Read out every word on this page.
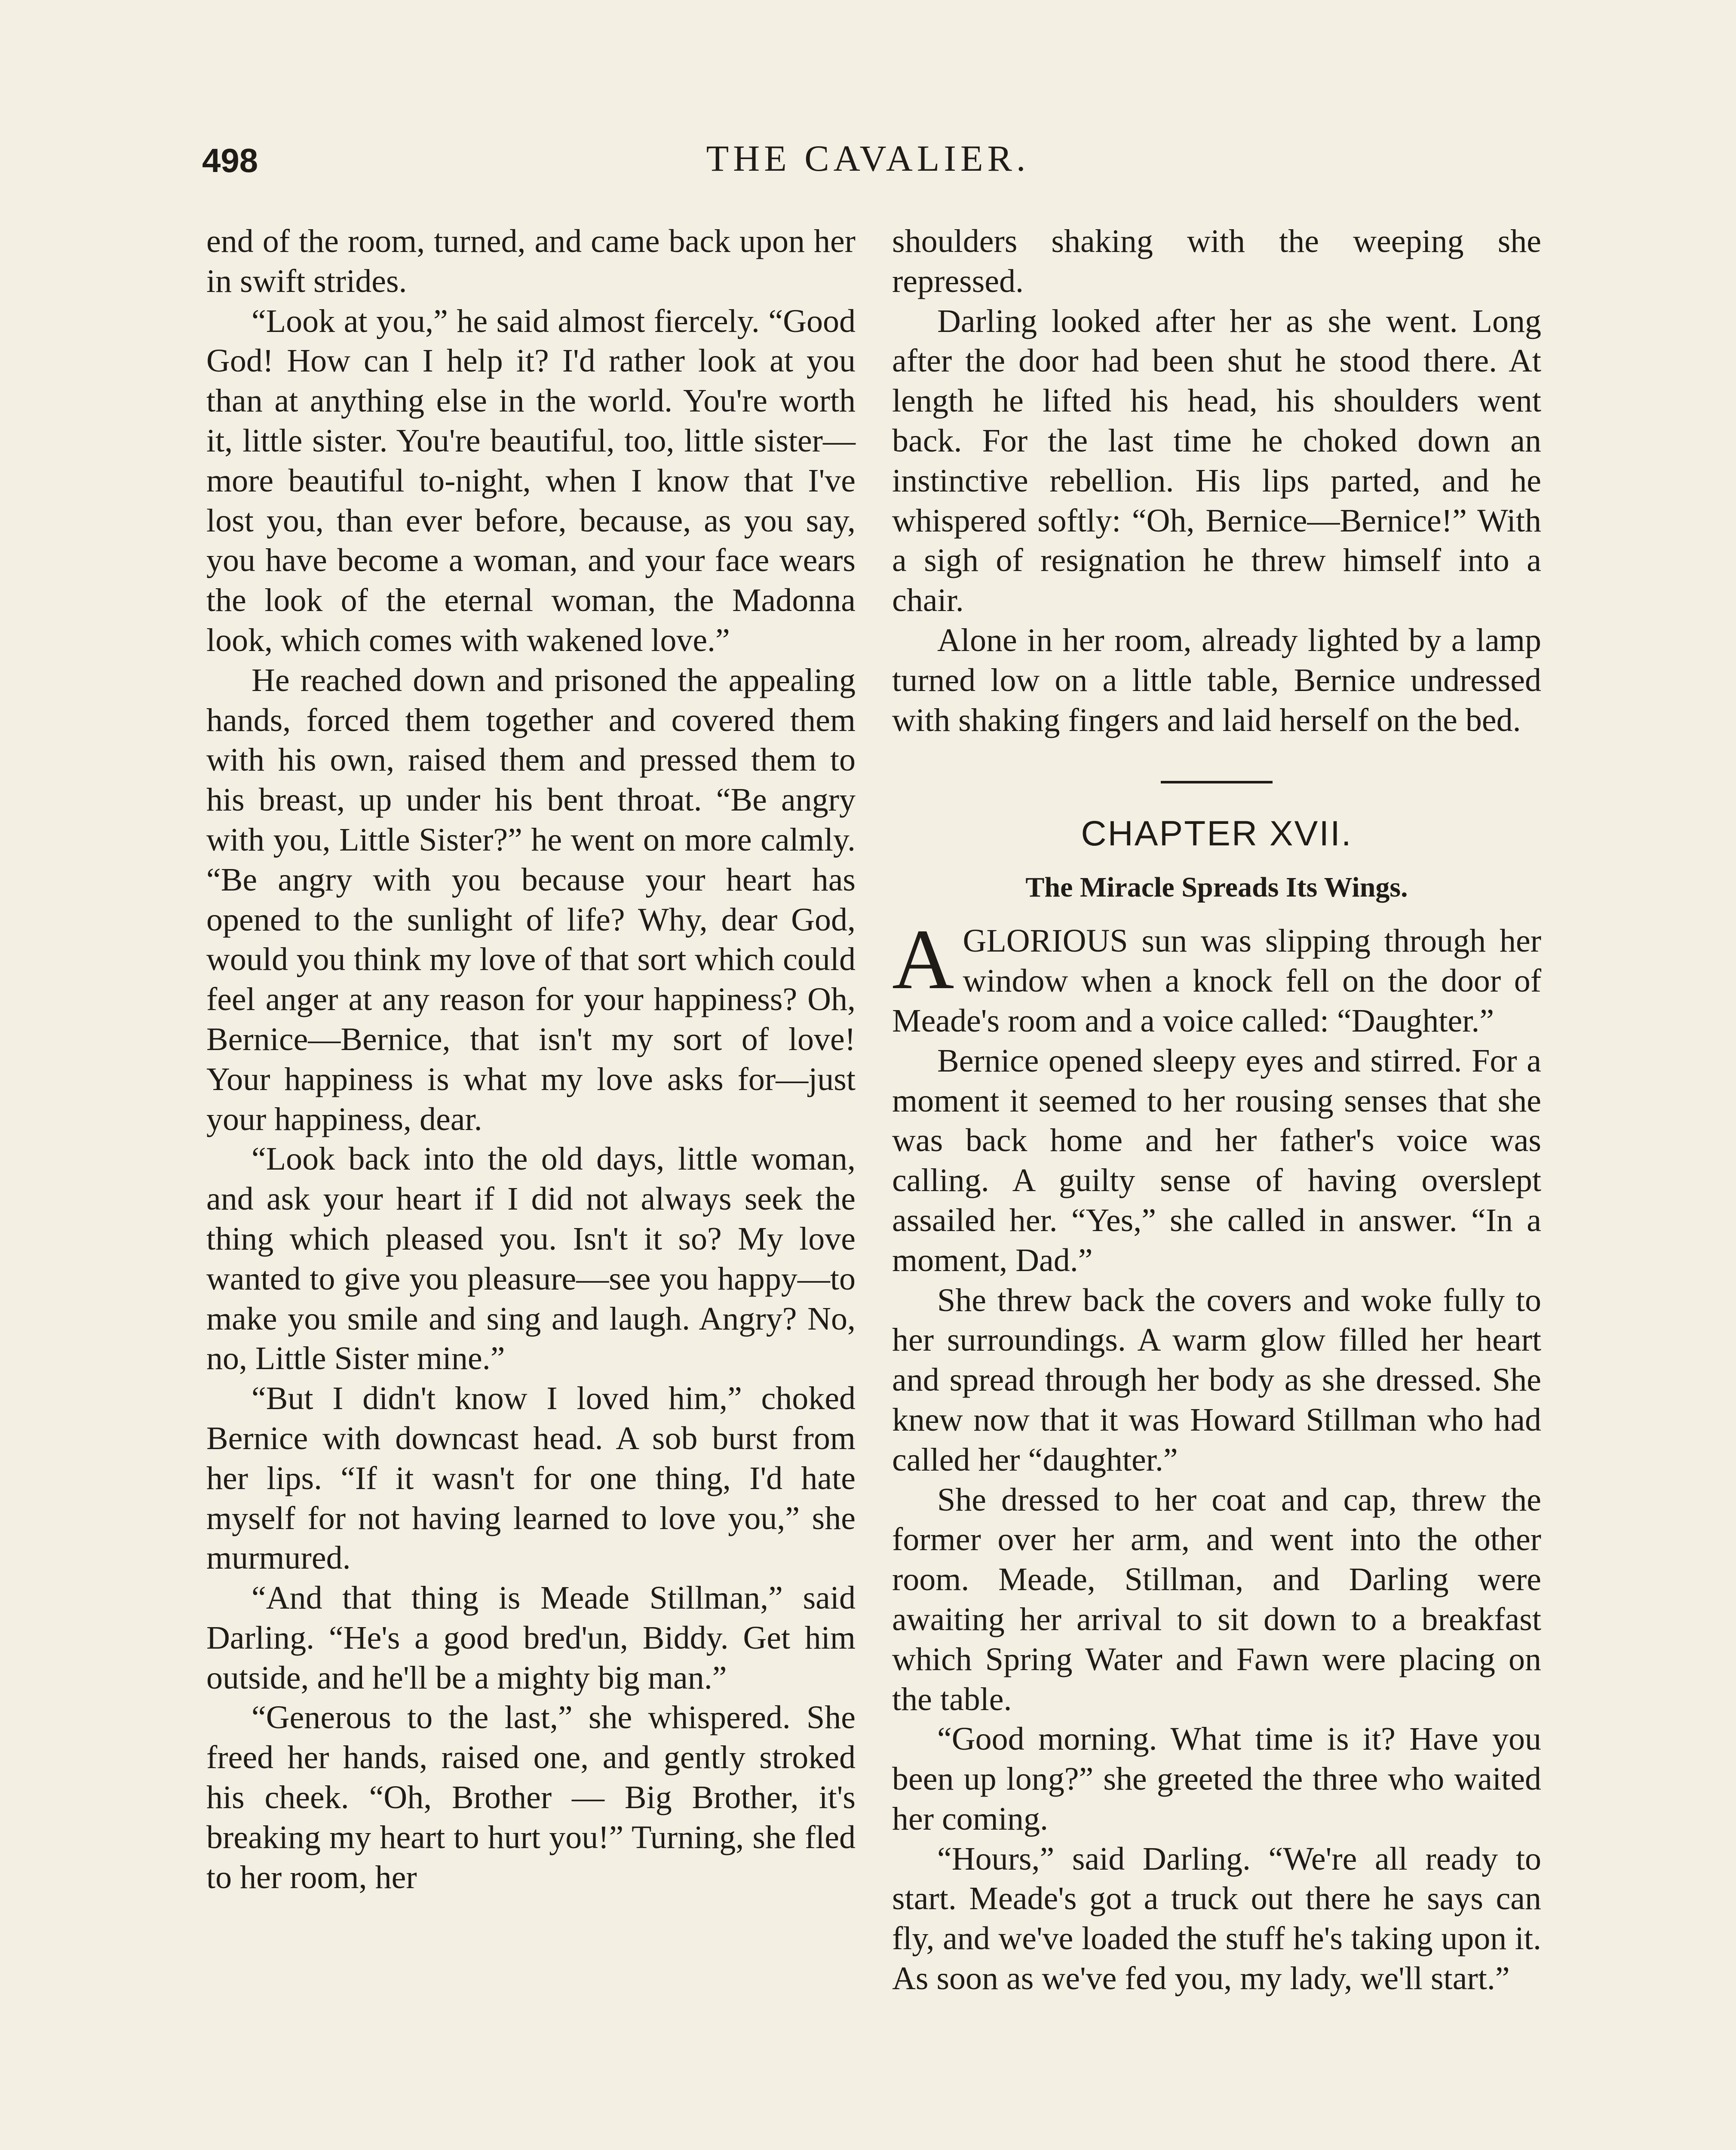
498	THE CAVALIER.

end of the room, turned, and came back upon her in swift strides.

“Look at you,” he said almost fiercely. “Good God! How can I help it? I'd rather look at you than at anything else in the world. You're worth it, little sister. You're beautiful, too, little sister—more beautiful to-night, when I know that I've lost you, than ever before, because, as you say, you have become a woman, and your face wears the look of the eternal woman, the Madonna look, which comes with wakened love.”

He reached down and prisoned the appealing hands, forced them together and covered them with his own, raised them and pressed them to his breast, up under his bent throat. “Be angry with you, Little Sister?” he went on more calmly. “Be angry with you because your heart has opened to the sunlight of life? Why, dear God, would you think my love of that sort which could feel anger at any reason for your happiness? Oh, Bernice—Bernice, that isn't my sort of love! Your happiness is what my love asks for—just your happiness, dear.

“Look back into the old days, little woman, and ask your heart if I did not always seek the thing which pleased you. Isn't it so? My love wanted to give you pleasure—see you happy—to make you smile and sing and laugh. Angry? No, no, Little Sister mine.”

“But I didn't know I loved him,” choked Bernice with downcast head. A sob burst from her lips. “If it wasn't for one thing, I'd hate myself for not having learned to love you,” she murmured.

“And that thing is Meade Stillman,” said Darling. “He's a good bred'un, Biddy. Get him outside, and he'll be a mighty big man.”

“Generous to the last,” she whispered. She freed her hands, raised one, and gently stroked his cheek. “Oh, Brother — Big Brother, it's breaking my heart to hurt you!” Turning, she fled to her room, her

shoulders shaking with the weeping she repressed.

Darling looked after her as she went. Long after the door had been shut he stood there. At length he lifted his head, his shoulders went back. For the last time he choked down an instinctive rebellion. His lips parted, and he whispered softly: “Oh, Bernice—Bernice!” With a sigh of resignation he threw himself into a chair.

Alone in her room, already lighted by a lamp turned low on a little table, Bernice undressed with shaking fingers and laid herself on the bed.

CHAPTER XVII.
The Miracle Spreads Its Wings.
A GLORIOUS sun was slipping through her window when a knock fell on the door of Meade's room and a voice called: “Daughter.”

Bernice opened sleepy eyes and stirred. For a moment it seemed to her rousing senses that she was back home and her father's voice was calling. A guilty sense of having overslept assailed her. “Yes,” she called in answer. “In a moment, Dad.”

She threw back the covers and woke fully to her surroundings. A warm glow filled her heart and spread through her body as she dressed. She knew now that it was Howard Stillman who had called her “daughter.”

She dressed to her coat and cap, threw the former over her arm, and went into the other room. Meade, Stillman, and Darling were awaiting her arrival to sit down to a breakfast which Spring Water and Fawn were placing on the table.

“Good morning. What time is it? Have you been up long?” she greeted the three who waited her coming.

“Hours,” said Darling. “We're all ready to start. Meade's got a truck out there he says can fly, and we've loaded the stuff he's taking upon it. As soon as we've fed you, my lady, we'll start.”
